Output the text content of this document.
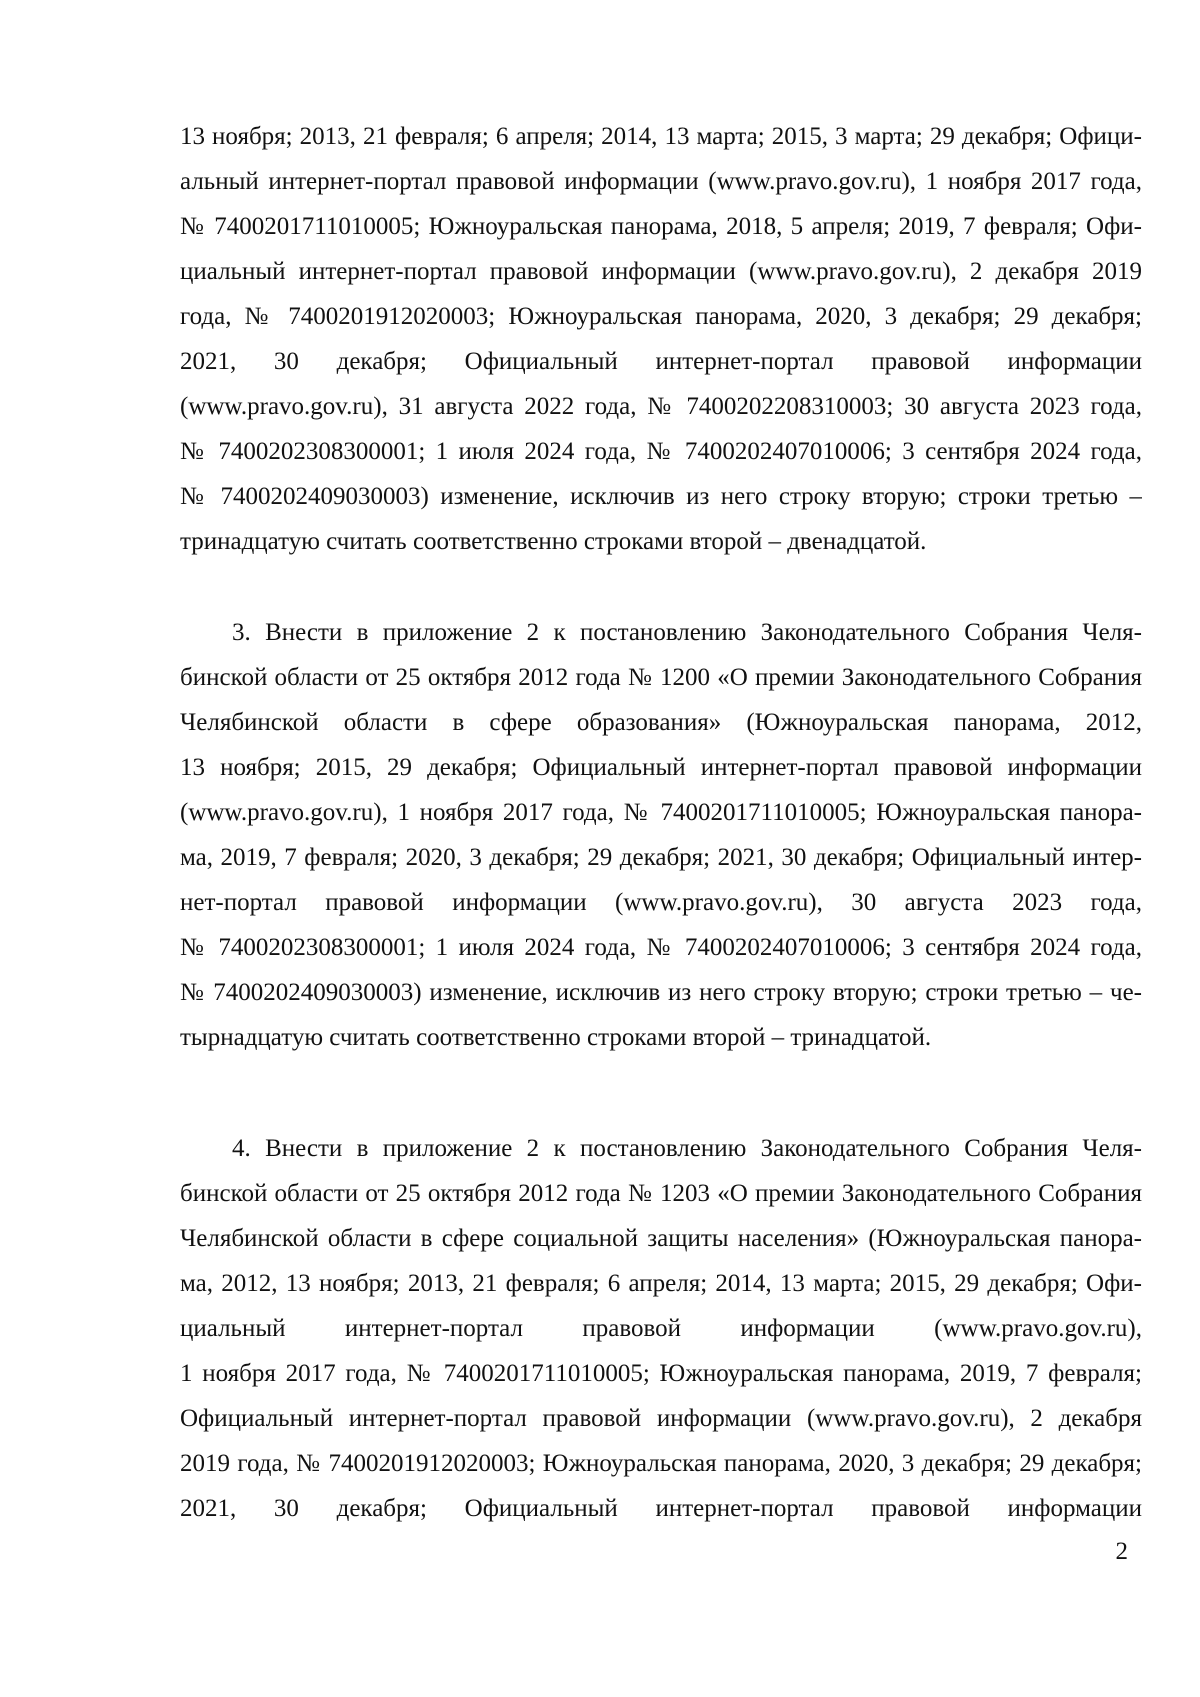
13 ноября; 2013, 21 февраля; 6 апреля; 2014, 13 марта; 2015, 3 марта; 29 декабря; Офици-
альный интернет-портал правовой информации (www.pravo.gov.ru), 1 ноября 2017 года,
№ 7400201711010005; Южноуральская панорама, 2018, 5 апреля; 2019, 7 февраля; Офи-
циальный интернет-портал правовой информации (www.pravo.gov.ru), 2 декабря 2019
года, № 7400201912020003; Южноуральская панорама, 2020, 3 декабря; 29 декабря;
2021, 30 декабря; Официальный интернет-портал правовой информации
(www.pravo.gov.ru), 31 августа 2022 года, № 7400202208310003; 30 августа 2023 года,
№ 7400202308300001; 1 июля 2024 года, № 7400202407010006; 3 сентября 2024 года,
№ 7400202409030003) изменение, исключив из него строку вторую; строки третью –
тринадцатую считать соответственно строками второй – двенадцатой.
3. Внести в приложение 2 к постановлению Законодательного Собрания Челя-
бинской области от 25 октября 2012 года № 1200 «О премии Законодательного Собрания
Челябинской области в сфере образования» (Южноуральская панорама, 2012,
13 ноября; 2015, 29 декабря; Официальный интернет-портал правовой информации
(www.pravo.gov.ru), 1 ноября 2017 года, № 7400201711010005; Южноуральская панора-
ма, 2019, 7 февраля; 2020, 3 декабря; 29 декабря; 2021, 30 декабря; Официальный интер-
нет-портал правовой информации (www.pravo.gov.ru), 30 августа 2023 года,
№ 7400202308300001; 1 июля 2024 года, № 7400202407010006; 3 сентября 2024 года,
№ 7400202409030003) изменение, исключив из него строку вторую; строки третью – че-
тырнадцатую считать соответственно строками второй – тринадцатой.
4. Внести в приложение 2 к постановлению Законодательного Собрания Челя-
бинской области от 25 октября 2012 года № 1203 «О премии Законодательного Собрания
Челябинской области в сфере социальной защиты населения» (Южноуральская панора-
ма, 2012, 13 ноября; 2013, 21 февраля; 6 апреля; 2014, 13 марта; 2015, 29 декабря; Офи-
циальный интернет-портал правовой информации (www.pravo.gov.ru),
1 ноября 2017 года, № 7400201711010005; Южноуральская панорама, 2019, 7 февраля;
Официальный интернет-портал правовой информации (www.pravo.gov.ru), 2 декабря
2019 года, № 7400201912020003; Южноуральская панорама, 2020, 3 декабря; 29 декабря;
2021, 30 декабря; Официальный интернет-портал правовой информации
2
